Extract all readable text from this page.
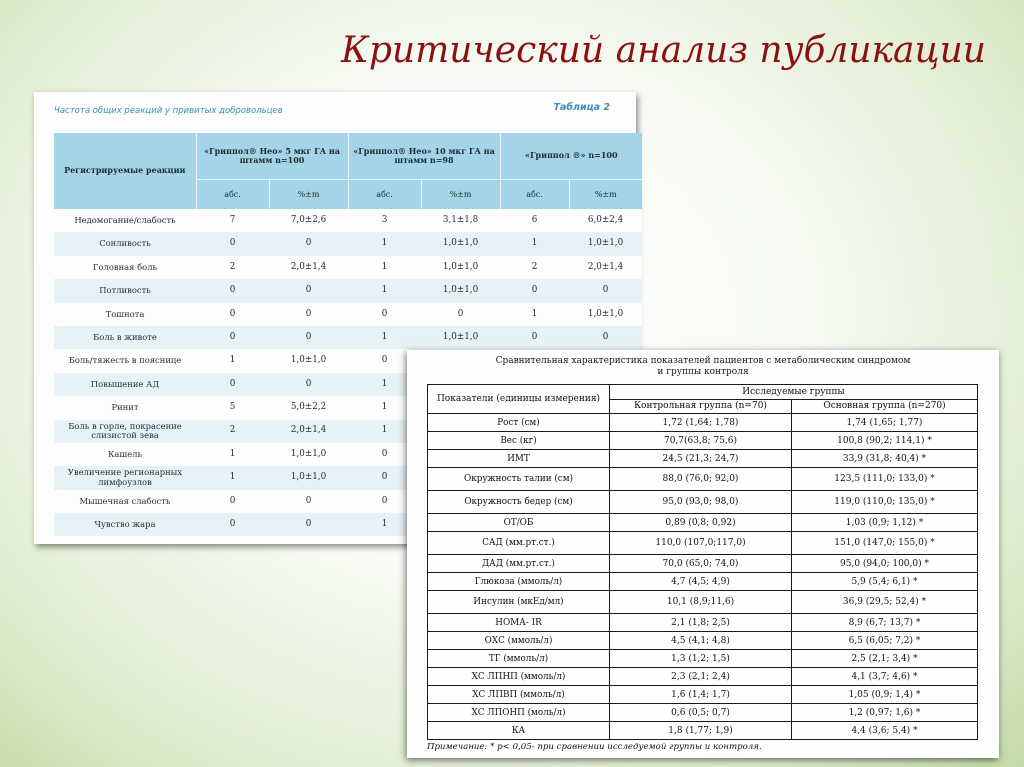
Критический анализ публикации
Частота общих реакций у привитых добровольцев	Таблица 2
Регистрируемые реакции	«Гриппол® Нео» 5 мкг ГА на штамм n=100		«Гриппол® Нео» 10 мкг ГА на штамм n=98		«Гриппол ®» n=100	
	абс.	%±m	абс.	%±m	абс.	%±m
Недомогание/слабость	7	7,0±2,6	3	3,1±1,8	6	6,0±2,4
Сонливость	0	0	1	1,0±1,0	1	1,0±1,0
Головная боль	2	2,0±1,4	1	1,0±1,0	2	2,0±1,4
Потливость	0	0	1	1,0±1,0	0	0
Тошнота	0	0	0	0	1	1,0±1,0
Боль в животе	0	0	1	1,0±1,0	0	0
Боль/тяжесть в пояснице	1	1,0±1,0	0			
Повышение АД	0	0	1			
Ринит	5	5,0±2,2	1			
Боль в горле, покрасение слизистой зева	2	2,0±1,4	1			
Кашель	1	1,0±1,0	0			
Увеличение регионарных лимфоузлов	1	1,0±1,0	0			
Мышечная слабость	0	0	0			
Чувство жара	0	0	1			
Сравнительная характеристика показателей пациентов с метаболическим синдромом
и группы контроля
Показатели (единицы измерения)	Исследуемые группы	
	Контрольная группа (n=70)	Основная группа (n=270)
Рост (см)	1,72 (1,64; 1,78)	1,74 (1,65; 1,77)
Вес (кг)	70,7(63,8; 75,6)	100,8 (90,2; 114,1) *
ИМТ	24,5 (21,3; 24,7)	33,9 (31,8; 40,4) *
Окружность талии (см)	88,0 (76,0; 92,0)	123,5 (111,0; 133,0) *
Окружность бедер (см)	95,0 (93,0; 98,0)	119,0 (110,0; 135,0) *
ОТ/ОБ	0,89 (0,8; 0,92)	1,03 (0,9; 1,12) *
САД (мм.рт.ст.)	110,0 (107,0;117,0)	151,0 (147,0; 155,0) *
ДАД (мм.рт.ст.)	70,0 (65,0; 74,0)	95,0 (94,0; 100,0) *
Глюкоза (ммоль/л)	4,7 (4,5; 4,9)	5,9 (5,4; 6,1) *
Инсулин (мкЕд/мл)	10,1 (8,9;11,6)	36,9 (29,5; 52,4) *
НОМА- IR	2,1 (1,8; 2,5)	8,9 (6,7; 13,7) *
ОХС (ммоль/л)	4,5 (4,1; 4,8)	6,5 (6,05; 7,2) *
ТГ (ммоль/л)	1,3 (1,2; 1,5)	2,5 (2,1; 3,4) *
ХС ЛПНП (ммоль/л)	2,3 (2,1; 2,4)	4,1 (3,7; 4,6) *
ХС ЛПВП (ммоль/л)	1,6 (1,4; 1,7)	1,05 (0,9; 1,4) *
ХС ЛПОНП (моль/л)	0,6 (0,5; 0,7)	1,2 (0,97; 1,6) *
КА	1,8 (1,77; 1,9)	4,4 (3,6; 5,4) *
Примечание: * р< 0,05- при сравнении исследуемой группы и контроля.
